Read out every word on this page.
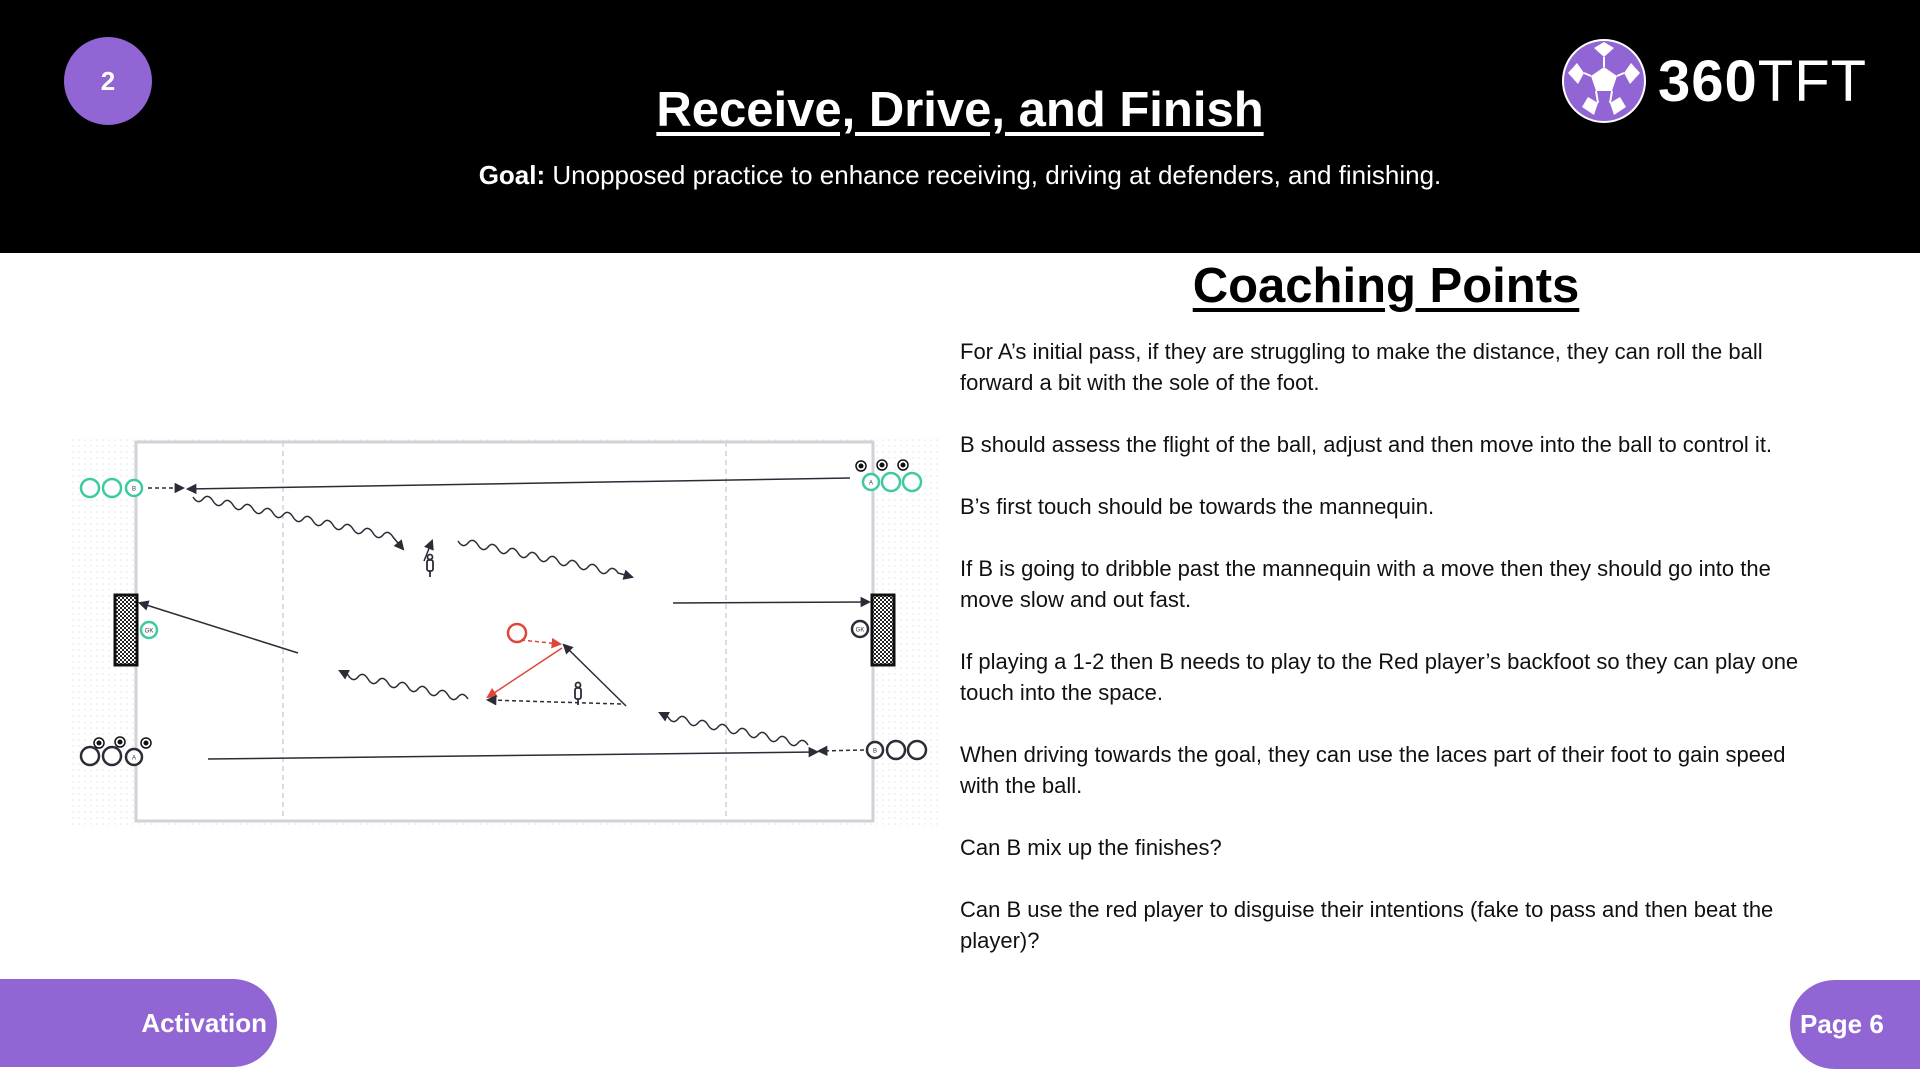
2
Receive, Drive, and Finish
Goal: Unopposed practice to enhance receiving, driving at defenders, and finishing.
360TFT
Coaching Points

For A’s initial pass, if they are struggling to make the distance, they can roll the ball forward a bit with the sole of the foot.

B should assess the flight of the ball, adjust and then move into the ball to control it.

B’s first touch should be towards the mannequin.

If B is going to dribble past the mannequin with a move then they should go into the move slow and out fast.

If playing a 1-2 then B needs to play to the Red player’s backfoot so they can play one touch into the space.

When driving towards the goal, they can use the laces part of their foot to gain speed with the ball.

Can B mix up the finishes?

Can B use the red player to disguise their intentions (fake to pass and then beat the player)?

GK	GK
B
A
A
B
Activation	Page 6
